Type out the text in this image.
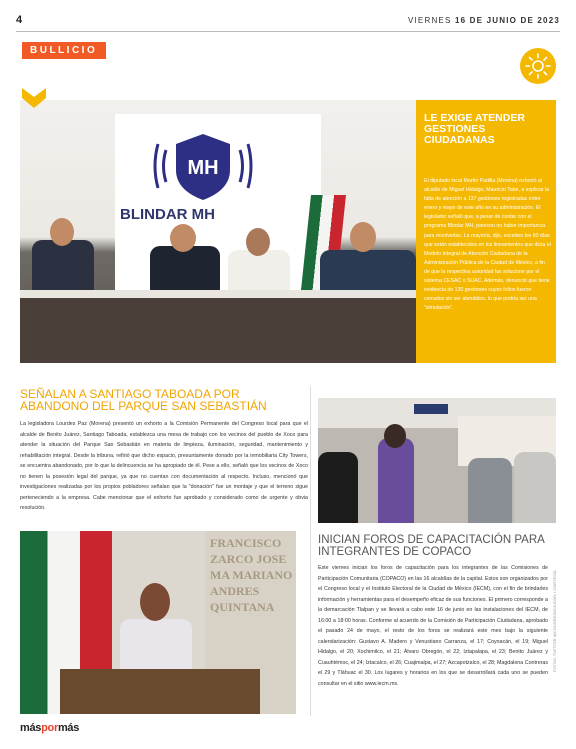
4	VIERNES 16 DE JUNIO DE 2023
BULLICIO
MH
BLINDAR MH
LE EXIGE ATENDER GESTIONES CIUDADANAS
El diputado local Martín Padilla (Morena) exhortó al alcalde de Miguel Hidalgo, Mauricio Tabe, a explicar la falta de atención a 137 gestiones registradas entre enero y mayo de este año en su administración. El legislador señaló que, a pesar de contar con el programa Blindar MH, parecen no haber importancia para resolverlas. La mayoría, dijo, exceden los 60 días que están establecidos en los lineamientos que dicta el Modelo Integral de Atención Ciudadana de la Administración Pública de la Ciudad de México, a fin de que la respectiva autoridad las solucione por el sistema CESAC o SUAC. Además, denunció que tiene evidencia de 130 gestiones cuyos folios fueron cerrados sin ser atendidos, lo que podría ser una "simulación".
SEÑALAN A SANTIAGO TABOADA POR ABANDONO DEL PARQUE SAN SEBASTIÁN
La legisladora Lourdes Paz (Morena) presentó un exhorto a la Comisión Permanente del Congreso local para que el alcalde de Benito Juárez, Santiago Taboada, establezca una mesa de trabajo con los vecinos del pueblo de Xoco para atender la situación del Parque San Sebastián en materia de limpieza, iluminación, seguridad, mantenimiento y rehabilitación integral. Desde la tribuna, refirió que dicho espacio, presuntamente donado por la inmobiliaria City Towers, se encuentra abandonado, por lo que la delincuencia se ha apropiado de él. Pese a ello, señaló que los vecinos de Xoco no tienen la posesión legal del parque, ya que no cuentan con documentación al respecto. Incluso, mencionó que investigaciones realizadas por los propios pobladores señalan que la "donación" fue un montaje y que el terreno sigue perteneciendo a la empresa. Cabe mencionar que el exhorto fue aprobado y considerado como de urgente y obvia resolución.
FRANCISCO ZARCO JOSE MA MARIANO ANDRES QUINTANA
INICIAN FOROS DE CAPACITACIÓN PARA INTEGRANTES DE COPACO
Este viernes inician los foros de capacitación para los integrantes de las Comisiones de Participación Comunitaria (COPACO) en las 16 alcaldías de la capital. Estos son organizados por el Congreso local y el Instituto Electoral de la Ciudad de México (IECM), con el fin de brindarles información y herramientas para el desempeño eficaz de sus funciones. El primero corresponde a la demarcación Tlalpan y se llevará a cabo este 16 de junio en las instalaciones del IECM, de 16:00 a 18:00 horas. Conforme al acuerdo de la Comisión de Participación Ciudadana, aprobado el pasado 24 de mayo, el resto de los foros se realizará este mes bajo la siguiente calendarización: Gustavo A. Madero y Venustiano Carranza, el 17; Coyoacán, el 19; Miguel Hidalgo, el 20; Xochimilco, el 21; Álvaro Obregón, el 22; Iztapalapa, el 23; Benito Juárez y Cuauhtémoc, el 24; Iztacalco, el 26; Cuajimalpa, el 27; Azcapotzalco, el 28; Magdalena Contreras el 29 y Tláhuac el 30. Los lugares y horarios en los que se desarrollará cada uno se pueden consultar en el sitio www.iecm.mx.
FOTOS: TWITTER @CONGRESOCIUDMX / CORTESÍA
máspormás
